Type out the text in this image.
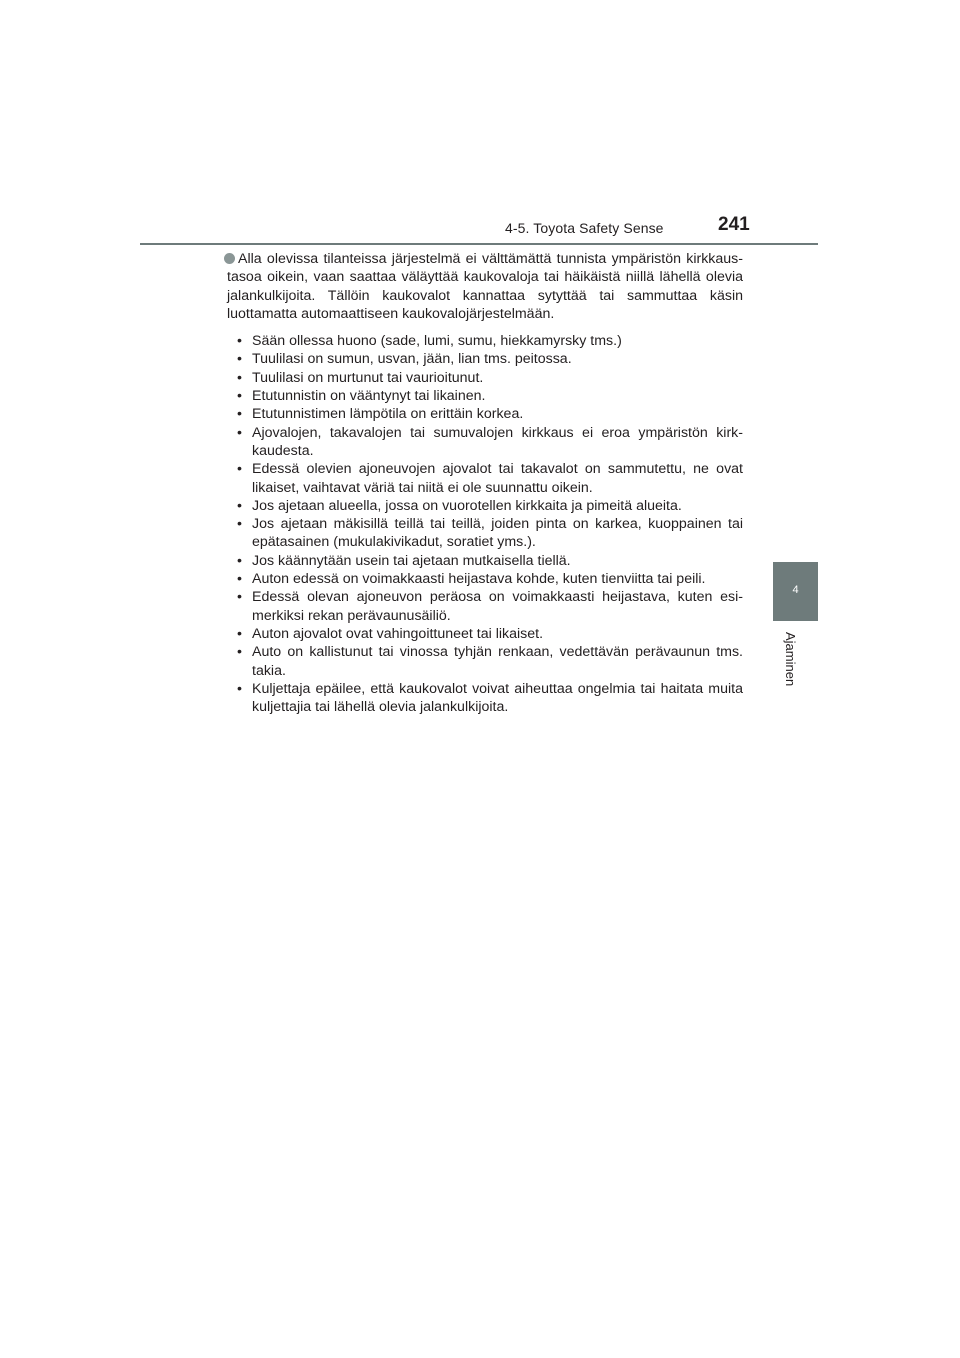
4-5. Toyota Safety Sense	241
4
Ajaminen

Alla olevissa tilanteissa järjestelmä ei välttämättä tunnista ympäristön kirkkaus-tasoa oikein, vaan saattaa väläyttää kaukovaloja tai häikäistä niillä lähellä olevia jalankulkijoita. Tällöin kaukovalot kannattaa sytyttää tai sammuttaa käsin luottamatta automaattiseen kaukovalojärjestelmään.

• Sään ollessa huono (sade, lumi, sumu, hiekkamyrsky tms.)
• Tuulilasi on sumun, usvan, jään, lian tms. peitossa.
• Tuulilasi on murtunut tai vaurioitunut.
• Etutunnistin on vääntynyt tai likainen.
• Etutunnistimen lämpötila on erittäin korkea.
• Ajovalojen, takavalojen tai sumuvalojen kirkkaus ei eroa ympäristön kirk-kaudesta.
• Edessä olevien ajoneuvojen ajovalot tai takavalot on sammutettu, ne ovat likaiset, vaihtavat väriä tai niitä ei ole suunnattu oikein.
• Jos ajetaan alueella, jossa on vuorotellen kirkkaita ja pimeitä alueita.
• Jos ajetaan mäkisillä teillä tai teillä, joiden pinta on karkea, kuoppainen tai epätasainen (mukulakivikadut, soratiet yms.).
• Jos käännytään usein tai ajetaan mutkaisella tiellä.
• Auton edessä on voimakkaasti heijastava kohde, kuten tienviitta tai peili.
• Edessä olevan ajoneuvon peräosa on voimakkaasti heijastava, kuten esi-merkiksi rekan perävaunusäiliö.
• Auton ajovalot ovat vahingoittuneet tai likaiset.
• Auto on kallistunut tai vinossa tyhjän renkaan, vedettävän perävaunun tms. takia.
• Kuljettaja epäilee, että kaukovalot voivat aiheuttaa ongelmia tai haitata muita kuljettajia tai lähellä olevia jalankulkijoita.
